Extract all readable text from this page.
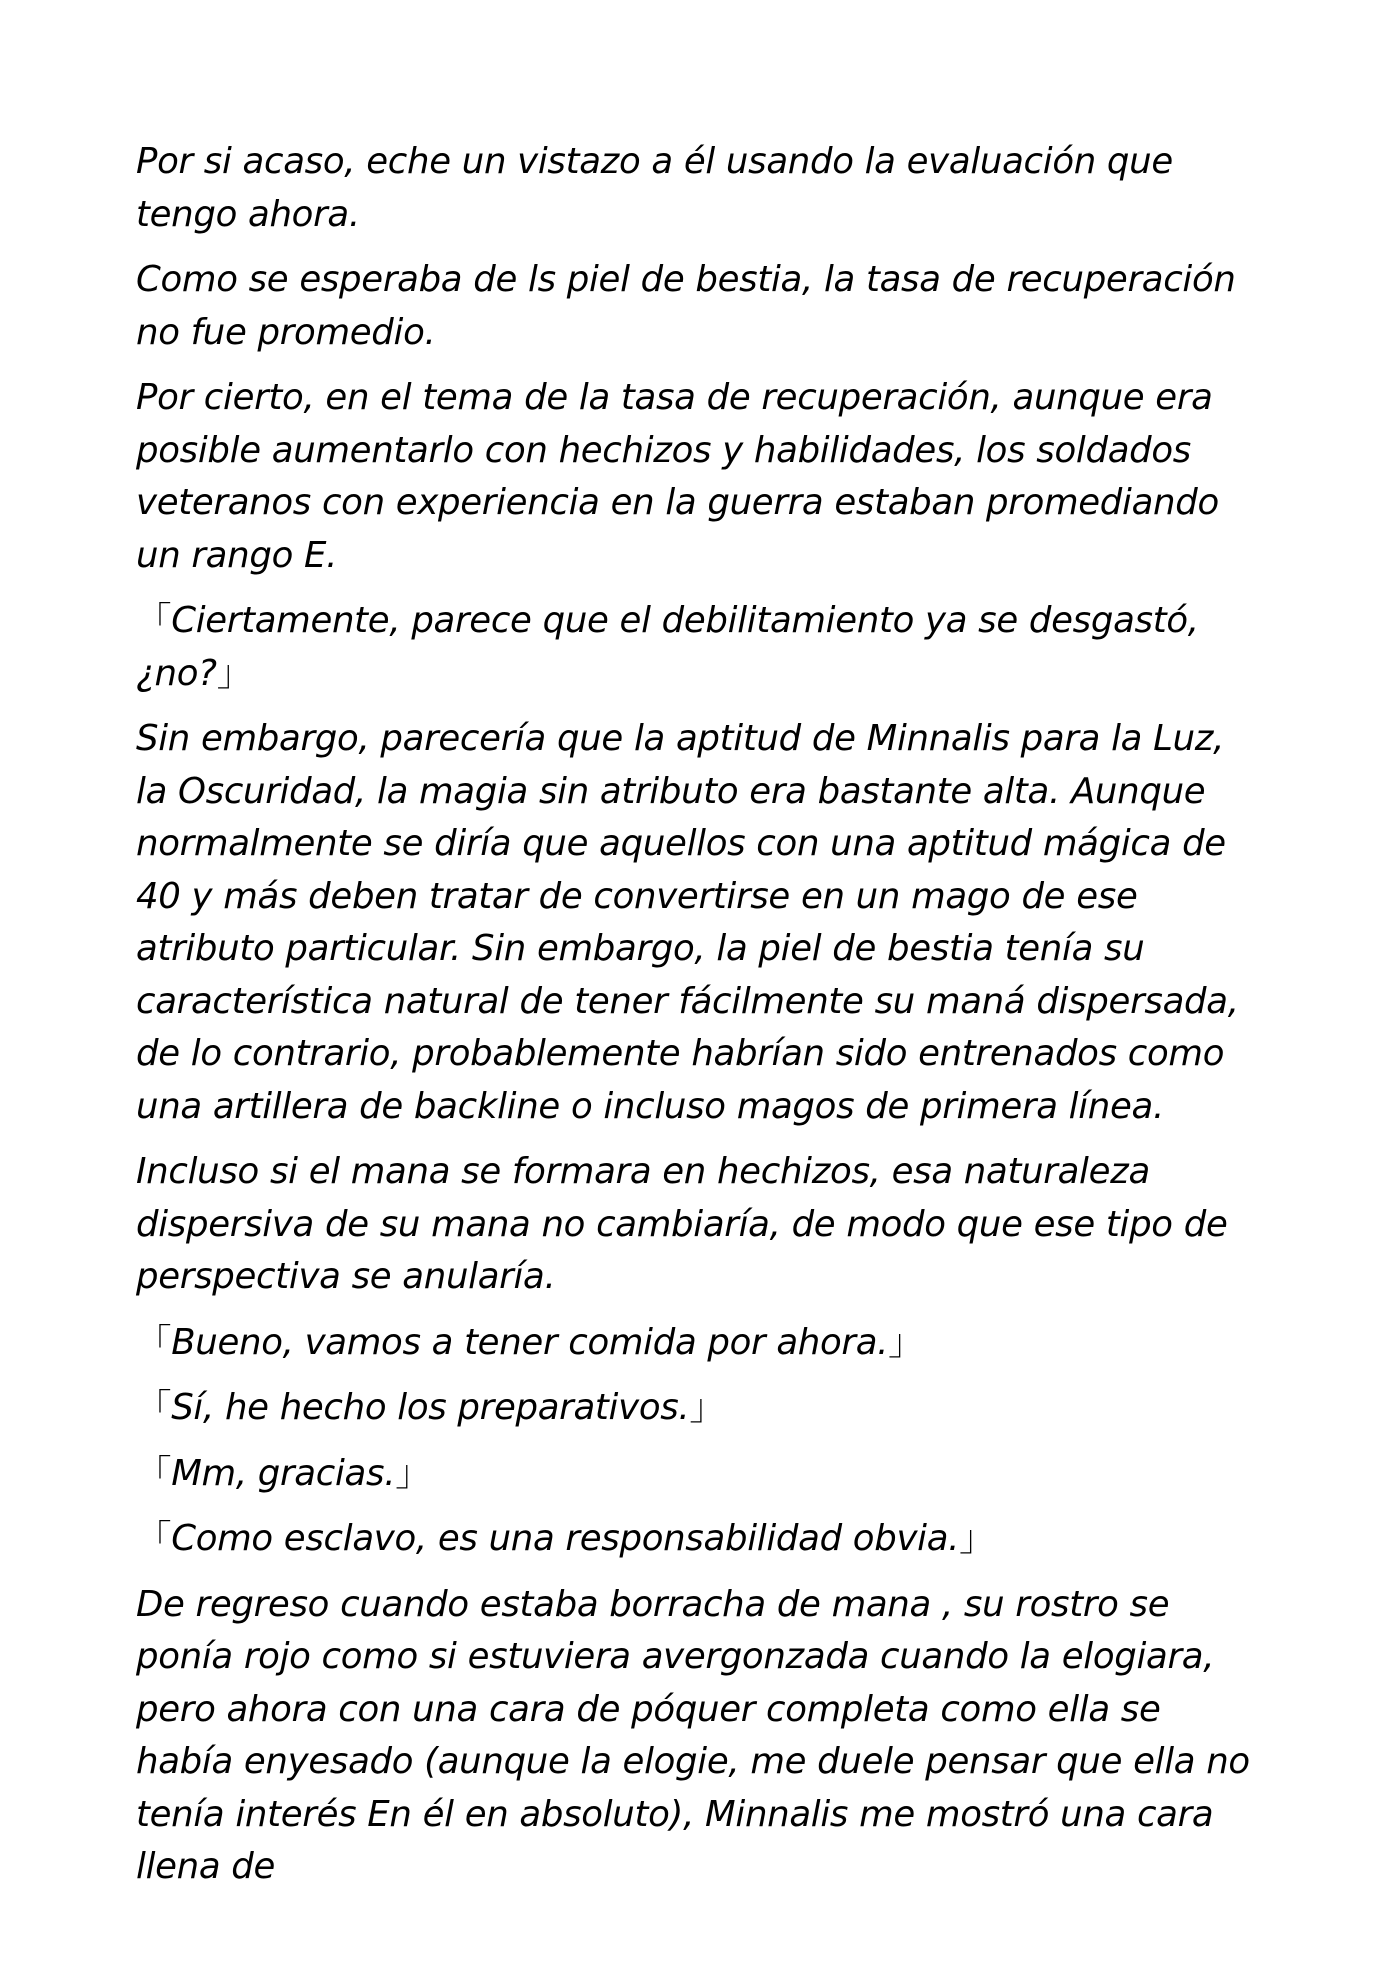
Por si acaso, eche un vistazo a él usando la evaluación que tengo ahora.

Como se esperaba de ls piel de bestia, la tasa de recuperación no fue promedio.

Por cierto, en el tema de la tasa de recuperación, aunque era posible aumentarlo con hechizos y habilidades, los soldados veteranos con experiencia en la guerra estaban promediando un rango E.

「Ciertamente, parece que el debilitamiento ya se desgastó, ¿no?」

Sin embargo, parecería que la aptitud de Minnalis para la Luz, la Oscuridad, la magia sin atributo era bastante alta. Aunque normalmente se diría que aquellos con una aptitud mágica de 40 y más deben tratar de convertirse en un mago de ese atributo particular. Sin embargo, la piel de bestia tenía su característica natural de tener fácilmente su maná dispersada, de lo contrario, probablemente habrían sido entrenados como una artillera de backline o incluso magos de primera línea.

Incluso si el mana se formara en hechizos, esa naturaleza dispersiva de su mana no cambiaría, de modo que ese tipo de perspectiva se anularía.

「Bueno, vamos a tener comida por ahora.」

「Sí, he hecho los preparativos.」

「Mm, gracias.」

「Como esclavo, es una responsabilidad obvia.」

De regreso cuando estaba borracha de mana , su rostro se ponía rojo como si estuviera avergonzada cuando la elogiara, pero ahora con una cara de póquer completa como ella se había enyesado (aunque la elogie, me duele pensar que ella no tenía interés En él en absoluto), Minnalis me mostró una cara llena de
